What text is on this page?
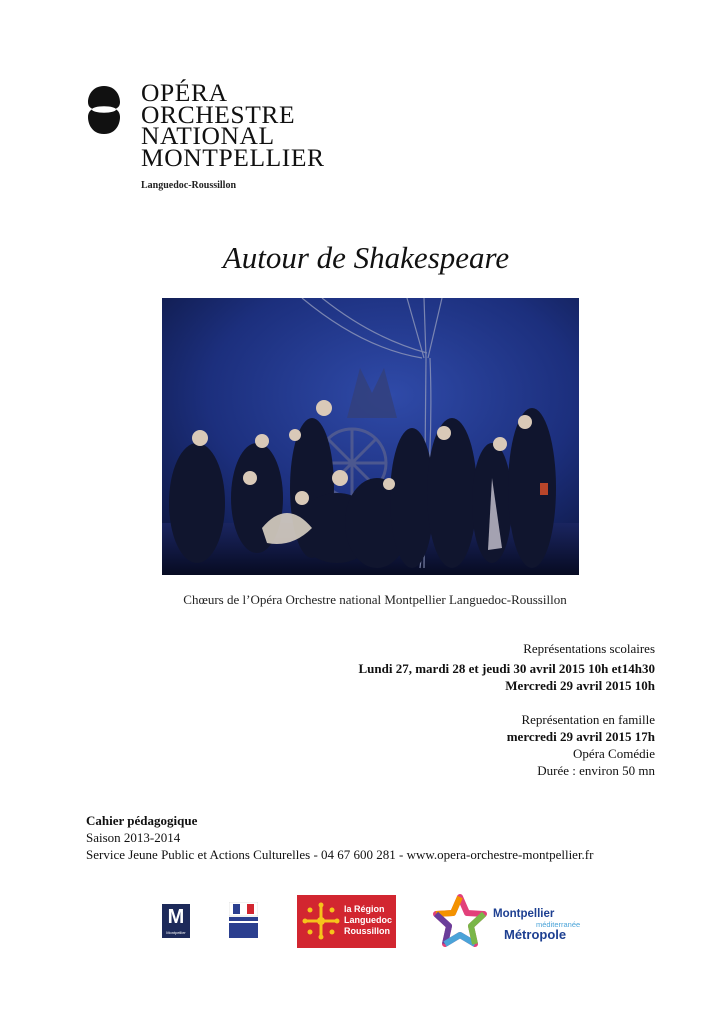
OPÉRA
ORCHESTRE
NATIONAL
MONTPELLIER
Languedoc-Roussillon
Autour de Shakespeare
Chœurs de l’Opéra Orchestre national Montpellier Languedoc-Roussillon
Représentations scolaires
Lundi 27, mardi 28 et jeudi 30 avril 2015 10h et14h30
Mercredi 29 avril 2015 10h
Représentation en famille
mercredi 29 avril 2015 17h
Opéra Comédie
Durée : environ 50 mn
Cahier pédagogique
Saison 2013-2014
Service Jeune Public et Actions Culturelles - 04 67 600 281 - www.opera-orchestre-montpellier.fr
M
Montpellier
la Région
Languedoc
Roussillon
Montpellier
méditerranée
Métropole
